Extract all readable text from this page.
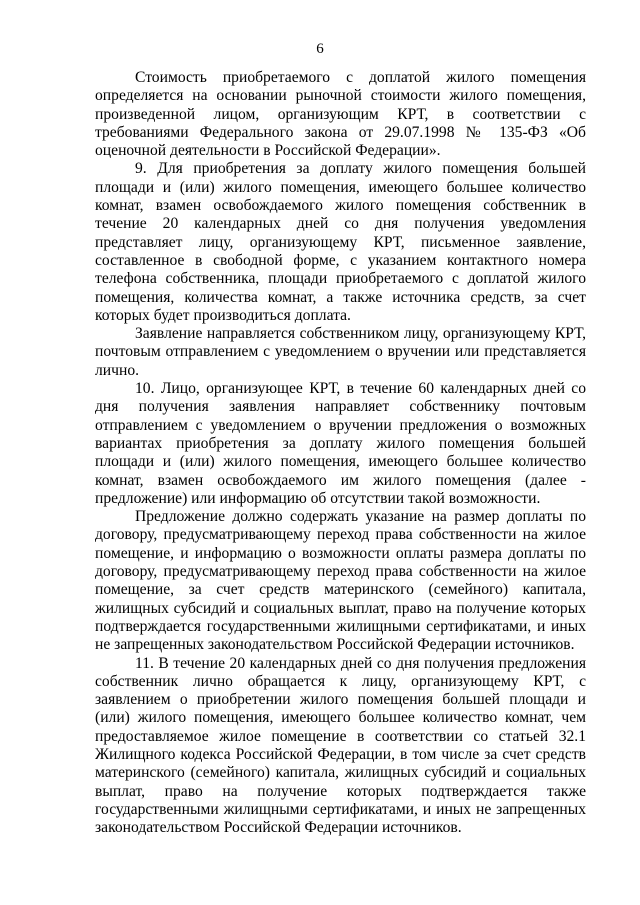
6

Стоимость приобретаемого с доплатой жилого помещения определяется на основании рыночной стоимости жилого помещения, произведенной лицом, организующим КРТ, в соответствии с требованиями Федерального закона от 29.07.1998 № 135-ФЗ «Об оценочной деятельности в Российской Федерации».

9. Для приобретения за доплату жилого помещения большей площади и (или) жилого помещения, имеющего большее количество комнат, взамен освобождаемого жилого помещения собственник в течение 20 календарных дней со дня получения уведомления представляет лицу, организующему КРТ, письменное заявление, составленное в свободной форме, с указанием контактного номера телефона собственника, площади приобретаемого с доплатой жилого помещения, количества комнат, а также источника средств, за счет которых будет производиться доплата.

Заявление направляется собственником лицу, организующему КРТ, почтовым отправлением с уведомлением о вручении или представляется лично.

10. Лицо, организующее КРТ, в течение 60 календарных дней со дня получения заявления направляет собственнику почтовым отправлением с уведомлением о вручении предложения о возможных вариантах приобретения за доплату жилого помещения большей площади и (или) жилого помещения, имеющего большее количество комнат, взамен освобождаемого им жилого помещения (далее - предложение) или информацию об отсутствии такой возможности.

Предложение должно содержать указание на размер доплаты по договору, предусматривающему переход права собственности на жилое помещение, и информацию о возможности оплаты размера доплаты по договору, предусматривающему переход права собственности на жилое помещение, за счет средств материнского (семейного) капитала, жилищных субсидий и социальных выплат, право на получение которых подтверждается государственными жилищными сертификатами, и иных не запрещенных законодательством Российской Федерации источников.

11. В течение 20 календарных дней со дня получения предложения собственник лично обращается к лицу, организующему КРТ, с заявлением о приобретении жилого помещения большей площади и (или) жилого помещения, имеющего большее количество комнат, чем предоставляемое жилое помещение в соответствии со статьей 32.1 Жилищного кодекса Российской Федерации, в том числе за счет средств материнского (семейного) капитала, жилищных субсидий и социальных выплат, право на получение которых подтверждается также государственными жилищными сертификатами, и иных не запрещенных законодательством Российской Федерации источников.
